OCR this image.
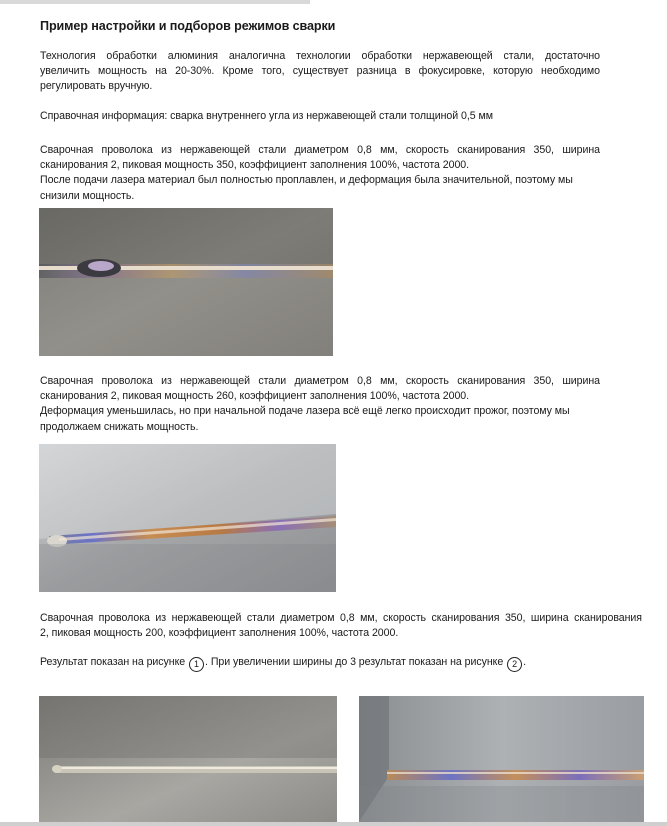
Пример настройки и подборов режимов сварки
Технология обработки алюминия аналогична технологии обработки нержавеющей стали, достаточно
увеличить мощность на 20-30%. Кроме того, существует разница в фокусировке, которую необходимо
регулировать вручную.
Справочная информация: сварка внутреннего угла из нержавеющей стали толщиной 0,5 мм
Сварочная проволока из нержавеющей стали диаметром 0,8 мм, скорость сканирования 350, ширина
сканирования 2, пиковая мощность 350, коэффициент заполнения 100%, частота 2000.
После подачи лазера материал был полностью проплавлен, и деформация была значительной, поэтому мы
снизили мощность.
Сварочная проволока из нержавеющей стали диаметром 0,8 мм, скорость сканирования 350, ширина
сканирования 2, пиковая мощность 260, коэффициент заполнения 100%, частота 2000.
Деформация уменьшилась, но при начальной подаче лазера всё ещё легко происходит прожог, поэтому мы
продолжаем снижать мощность.
Сварочная проволока из нержавеющей стали диаметром 0,8 мм, скорость сканирования 350, ширина сканирования
2, пиковая мощность 200, коэффициент заполнения 100%, частота 2000.
Результат показан на рисунке 1 . При увеличении ширины до 3 результат показан на рисунке 2 .
